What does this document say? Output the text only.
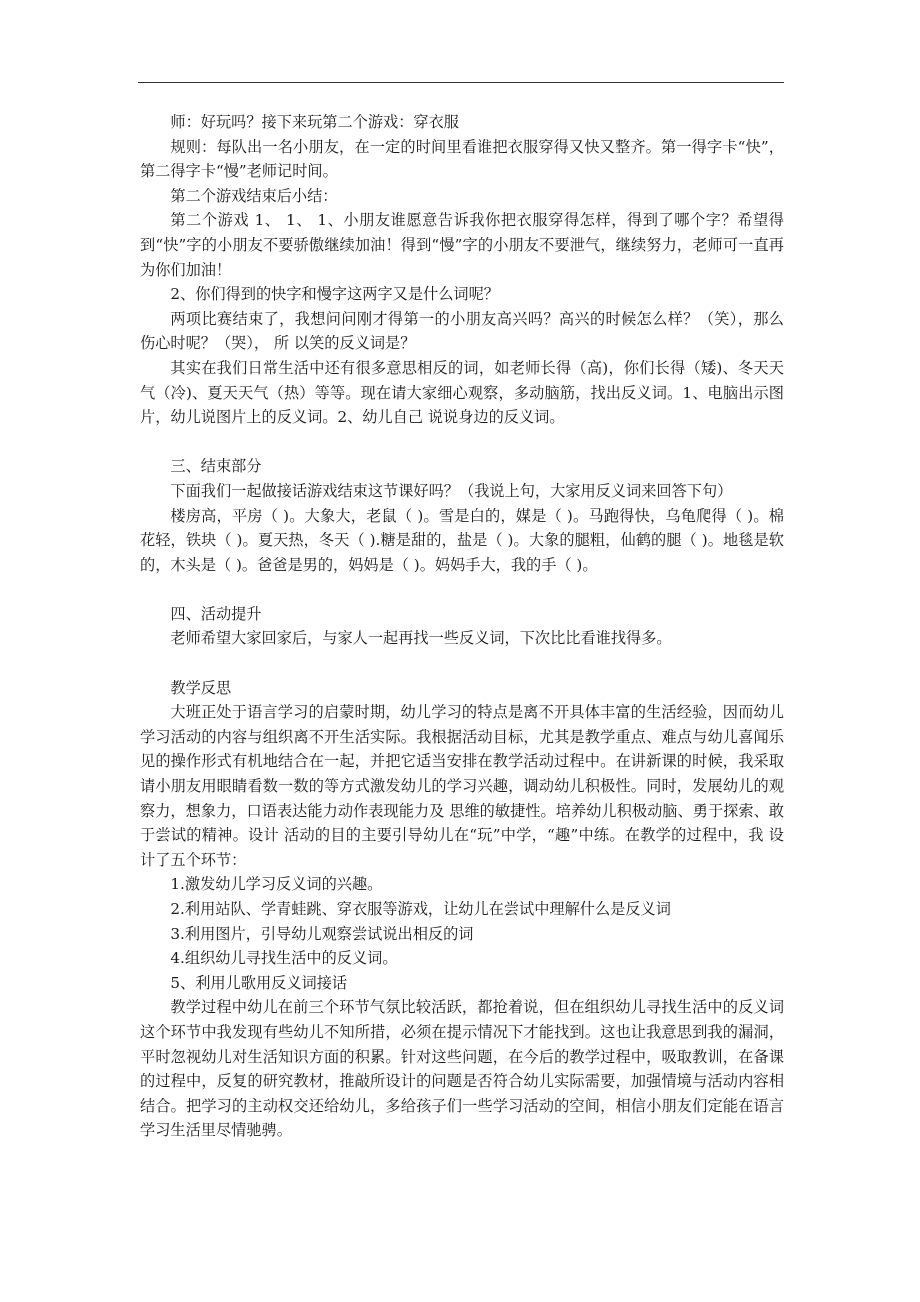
师：好玩吗？接下来玩第二个游戏：穿衣服

规则：每队出一名小朋友，在一定的时间里看谁把衣服穿得又快又整齐。第一得字卡“快”，第二得字卡“慢”老师记时间。

第二个游戏结束后小结：

第二个游戏 1、 1、 1、小朋友谁愿意告诉我你把衣服穿得怎样，得到了哪个字？希望得到“快”字的小朋友不要骄傲继续加油！得到“慢”字的小朋友不要泄气，继续努力，老师可一直再为你们加油！

2、你们得到的快字和慢字这两字又是什么词呢？

两项比赛结束了，我想问问刚才得第一的小朋友高兴吗？高兴的时候怎么样？（笑），那么伤心时呢？（哭）， 所 以笑的反义词是？

其实在我们日常生活中还有很多意思相反的词，如老师长得（高)，你们长得（矮)、冬天天气（冷)、夏天天气（热）等等。现在请大家细心观察，多动脑筋，找出反义词。1、电脑出示图片，幼儿说图片上的反义词。2、幼儿自己 说说身边的反义词。

三、结束部分

下面我们一起做接话游戏结束这节课好吗？（我说上句，大家用反义词来回答下句）

楼房高，平房（ )。大象大，老鼠（ )。雪是白的，媒是（ )。马跑得快，乌龟爬得（ )。棉花轻，铁块（ )。夏天热，冬天（ ).糖是甜的，盐是（ )。大象的腿粗，仙鹤的腿（ )。地毯是软的，木头是（ )。爸爸是男的，妈妈是（ )。妈妈手大，我的手（ )。

四、活动提升

老师希望大家回家后，与家人一起再找一些反义词，下次比比看谁找得多。

教学反思

大班正处于语言学习的启蒙时期，幼儿学习的特点是离不开具体丰富的生活经验，因而幼儿学习活动的内容与组织离不开生活实际。我根据活动目标，尤其是教学重点、难点与幼儿喜闻乐见的操作形式有机地结合在一起，并把它适当安排在教学活动过程中。在讲新课的时候，我采取请小朋友用眼睛看数一数的等方式激发幼儿的学习兴趣，调动幼儿积极性。同时，发展幼儿的观察力，想象力，口语表达能力动作表现能力及 思维的敏捷性。培养幼儿积极动脑、勇于探索、敢于尝试的精神。设计 活动的目的主要引导幼儿在“玩”中学，“趣”中练。在教学的过程中，我 设计了五个环节：

1.激发幼儿学习反义词的兴趣。

2.利用站队、学青蛙跳、穿衣服等游戏，让幼儿在尝试中理解什么是反义词

3.利用图片，引导幼儿观察尝试说出相反的词

4.组织幼儿寻找生活中的反义词。

5、利用儿歌用反义词接话

教学过程中幼儿在前三个环节气氛比较活跃，都抢着说，但在组织幼儿寻找生活中的反义词这个环节中我发现有些幼儿不知所措，必须在提示情况下才能找到。这也让我意思到我的漏洞，平时忽视幼儿对生活知识方面的积累。针对这些问题，在今后的教学过程中，吸取教训，在备课的过程中，反复的研究教材，推敲所设计的问题是否符合幼儿实际需要，加强情境与活动内容相结合。把学习的主动权交还给幼儿，多给孩子们一些学习活动的空间，相信小朋友们定能在语言学习生活里尽情驰骋。
